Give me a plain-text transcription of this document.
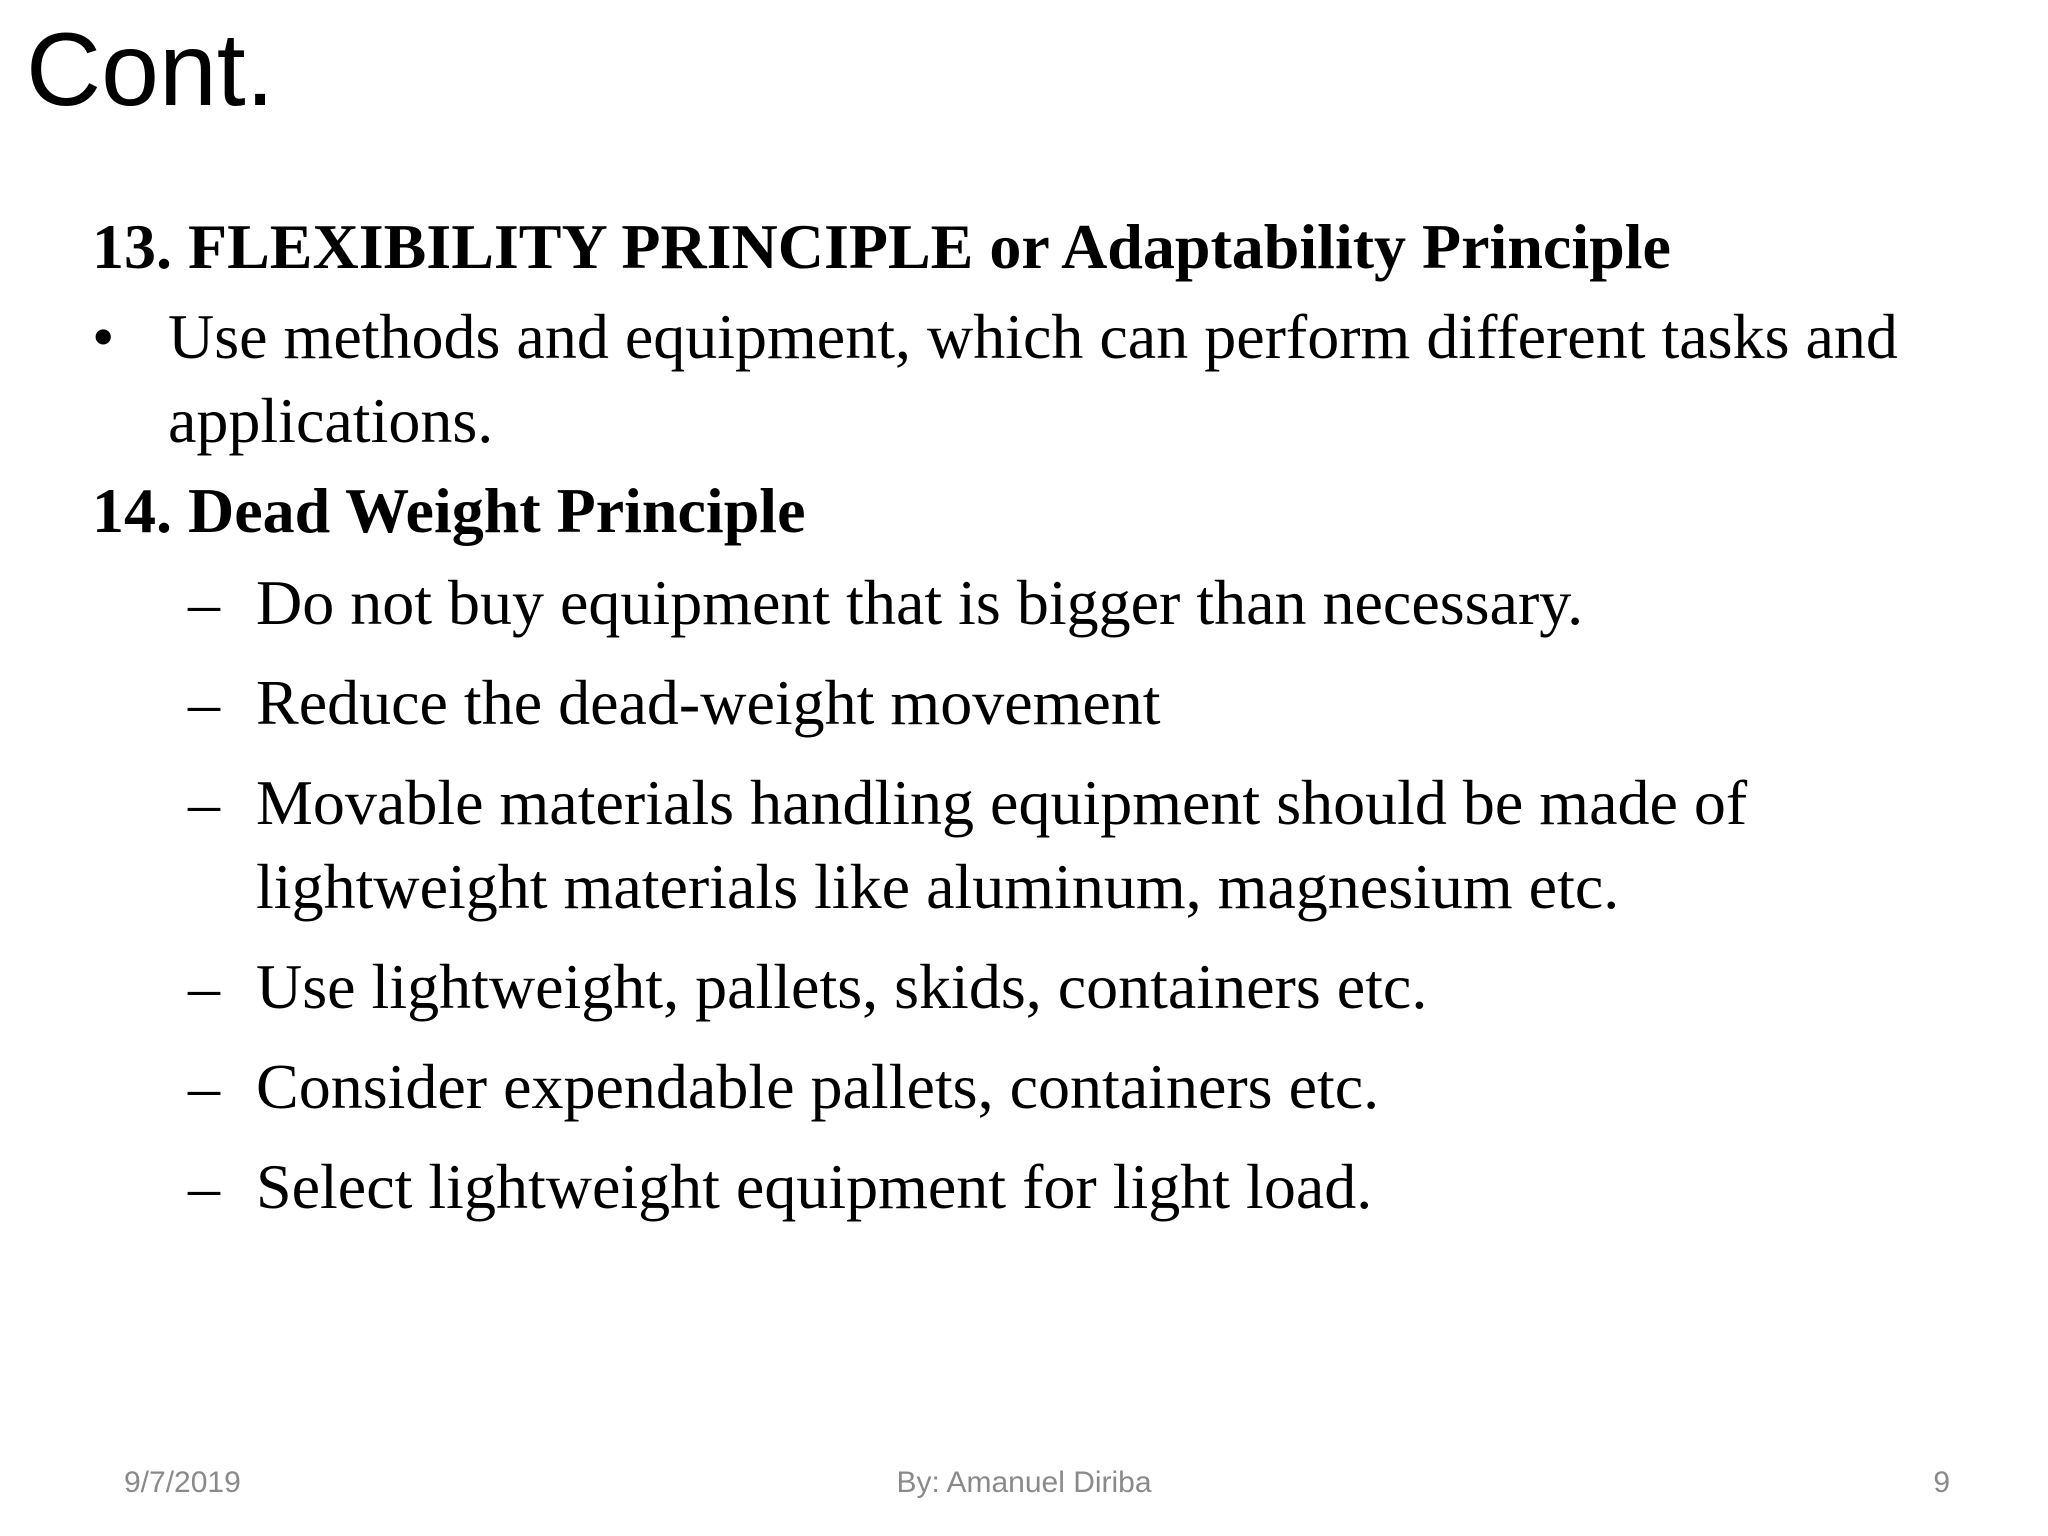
Cont.
13. FLEXIBILITY PRINCIPLE or Adaptability Principle
• Use methods and equipment, which can perform different tasks and applications.
14. Dead Weight Principle
– Do not buy equipment that is bigger than necessary.
– Reduce the dead-weight movement
– Movable materials handling equipment should be made of lightweight materials like aluminum, magnesium etc.
– Use lightweight, pallets, skids, containers etc.
– Consider expendable pallets, containers etc.
– Select lightweight equipment for light load.
9/7/2019	By: Amanuel Diriba	9
